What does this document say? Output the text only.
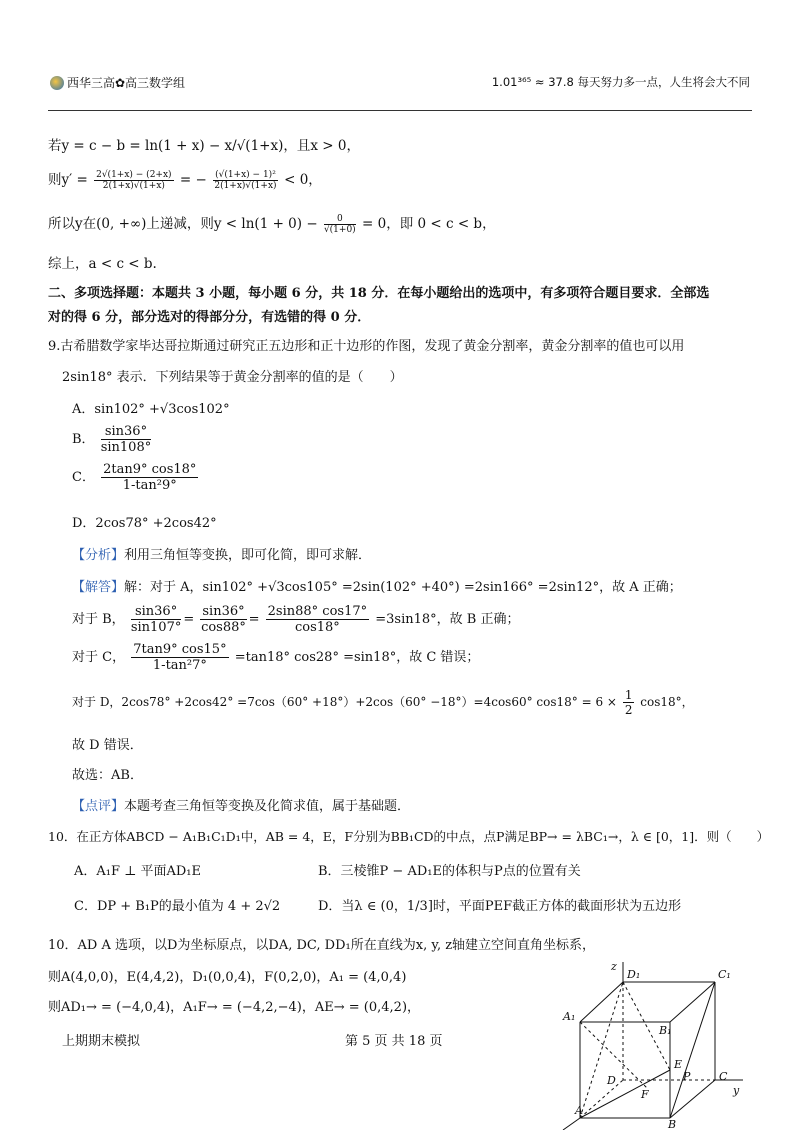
西华三高✿高三数学组	1.01³⁶⁵ ≈ 37.8 每天努力多一点，人生将会大不同
若y = c − b = ln(1 + x) − x/√(1+x)，且x > 0，
则$y' = \frac{2√(1+x) - (2+x)}{2(1+x)√(1+x)}$ = − $\frac{\text{(√(1+x) − 1)²}}{2(1+x)√(1+x)} < 0$，
所以y在(0, +∞)上递减，则$y < \ln(1 + 0) - \frac{0}{√(1+0)} = 0$，即 0 < c < b，
综上，a < c < b.
二、多项选择题：本题共 3 小题，每小题 6 分，共 18 分．在每小题给出的选项中，有多项符合题目要求．全部选
对的得 6 分，部分选对的得部分分，有选错的得 0 分．
9.古希腊数学家毕达哥拉斯通过研究正五边形和正十边形的作图，发现了黄金分割率，黄金分割率的值也可以用
2sin18° 表示．下列结果等于黄金分割率的值的是（　　）
A．sin102° +√3cos102°
B． $\frac{\sin 36^\circ}{\sin 108^\circ}$
C． $\frac{2\tan 9^\circ \cos 18^\circ}{\text{1-tan²9°}}$
D．2cos78° +2cos42°
【分析】利用三角恒等变换，即可化简，即可求解．
【解答】解：对于 A，sin102° +√3cos105° =2sin(102° +40°) =2sin166° =2sin12°，故 A 正确；
对于 B， $\frac{\sin 36^\circ}{\sin 107^\circ} = \frac{\sin 36^\circ}{\cos 88^\circ} = \frac{2\sin 88^\circ \cos 17^\circ}{\cos 18^\circ} =3\sin 18^\circ$，故 B 正确；
对于 C， $\frac{7\tan 9^\circ \cos 15^\circ}{\text{1-tan²7°}} =\tan 18^\circ$ cos28° =sin18°，故 C 错误；
对于 D，2cos78° +2cos42° =7cos（60° +18°）+2cos（60° −18°）=4cos60° $\cos 18^\circ = 6 \times \frac{1}{2} \cos 18^\circ$，
故 D 错误．
故选：AB．
【点评】本题考查三角恒等变换及化简求值，属于基础题．
10．在正方体ABCD − A₁B₁C₁D₁中，AB = 4，E，F分别为BB₁CD的中点，点P满足BP→ = λBC₁→，λ ∈ [0，1]．则（　　）
A．A₁F ⊥ 平面AD₁E	B．三棱锥P − AD₁E的体积与P点的位置有关
C．DP + B₁P的最小值为 4 + 2√2	D．当λ ∈ (0，1/3]时，平面PEF截正方体的截面形状为五边形
10．AD A 选项，以D为坐标原点，以DA, DC, DD₁所在直线为x, y, z轴建立空间直角坐标系，
则A(4,0,0)，E(4,4,2)，D₁(0,0,4)，F(0,2,0)，A₁ = (4,0,4)
则AD₁→ = (−4,0,4)，A₁F→ = (−4,2,−4)，AE→ = (0,4,2)，
上期期末模拟	第 5 页 共 18 页
z
D₁	C₁
A₁
B₁
E
D	P	C
F	y
A
B
